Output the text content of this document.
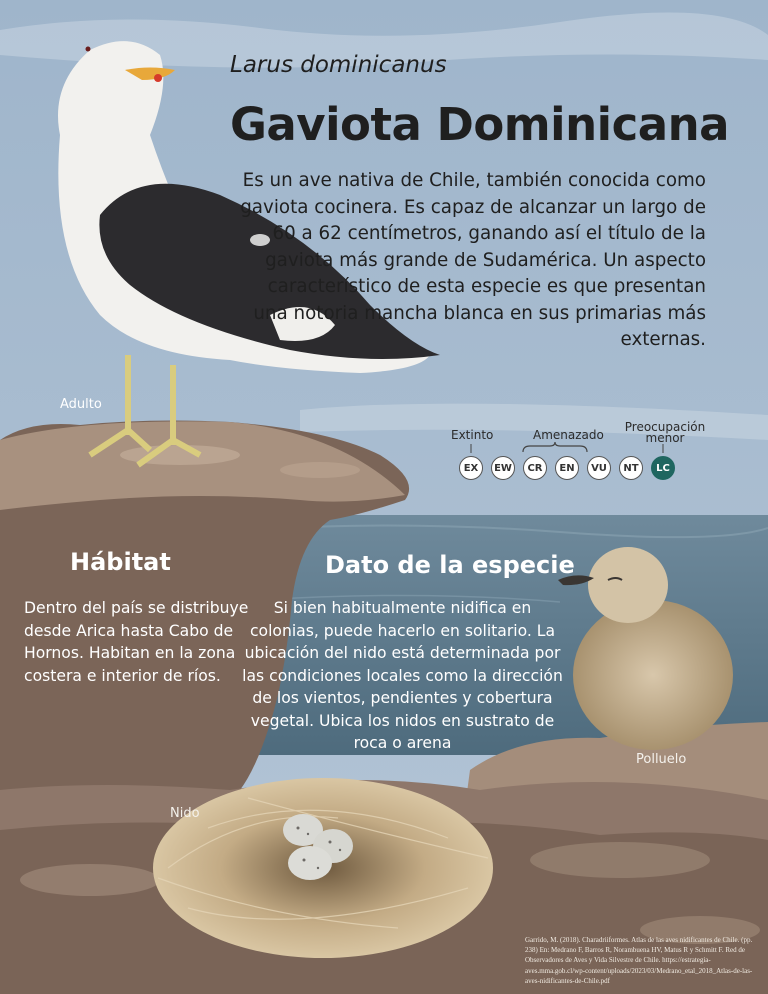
Larus dominicanus
Gaviota Dominicana
Es un ave nativa de Chile, también conocida como gaviota cocinera. Es capaz de alcanzar un largo de 60 a 62 centímetros, ganando así el título de la gaviota más grande de Sudamérica. Un aspecto característico de esta especie es que presentan una notoria mancha blanca en sus primarias más externas.
Adulto
Polluelo
Nido
Extinto	Amenazado
Preocupación menor
EX	EW	CR	EN	VU	NT	LC
Hábitat
Dentro del país se distribuye desde Arica hasta Cabo de Hornos. Habitan en la zona costera e interior de ríos.
Dato de la especie
Si bien habitualmente nidifica en colonias, puede hacerlo en solitario. La ubicación del nido está determinada por las condiciones locales como la dirección de los vientos, pendientes y cobertura vegetal. Ubica los nidos en sustrato de roca o arena
Garrido, M. (2018). Charadriiformes. Atlas de las aves nidificantes de Chile. (pp. 238) En: Medrano F, Barros R, Norambuena HV, Matus R y Schmitt F. Red de Observadores de Aves y Vida Silvestre de Chile. https://estrategia-aves.mma.gob.cl/wp-content/uploads/2023/03/Medrano_etal_2018_Atlas-de-las-aves-nidificantes-de-Chile.pdf
